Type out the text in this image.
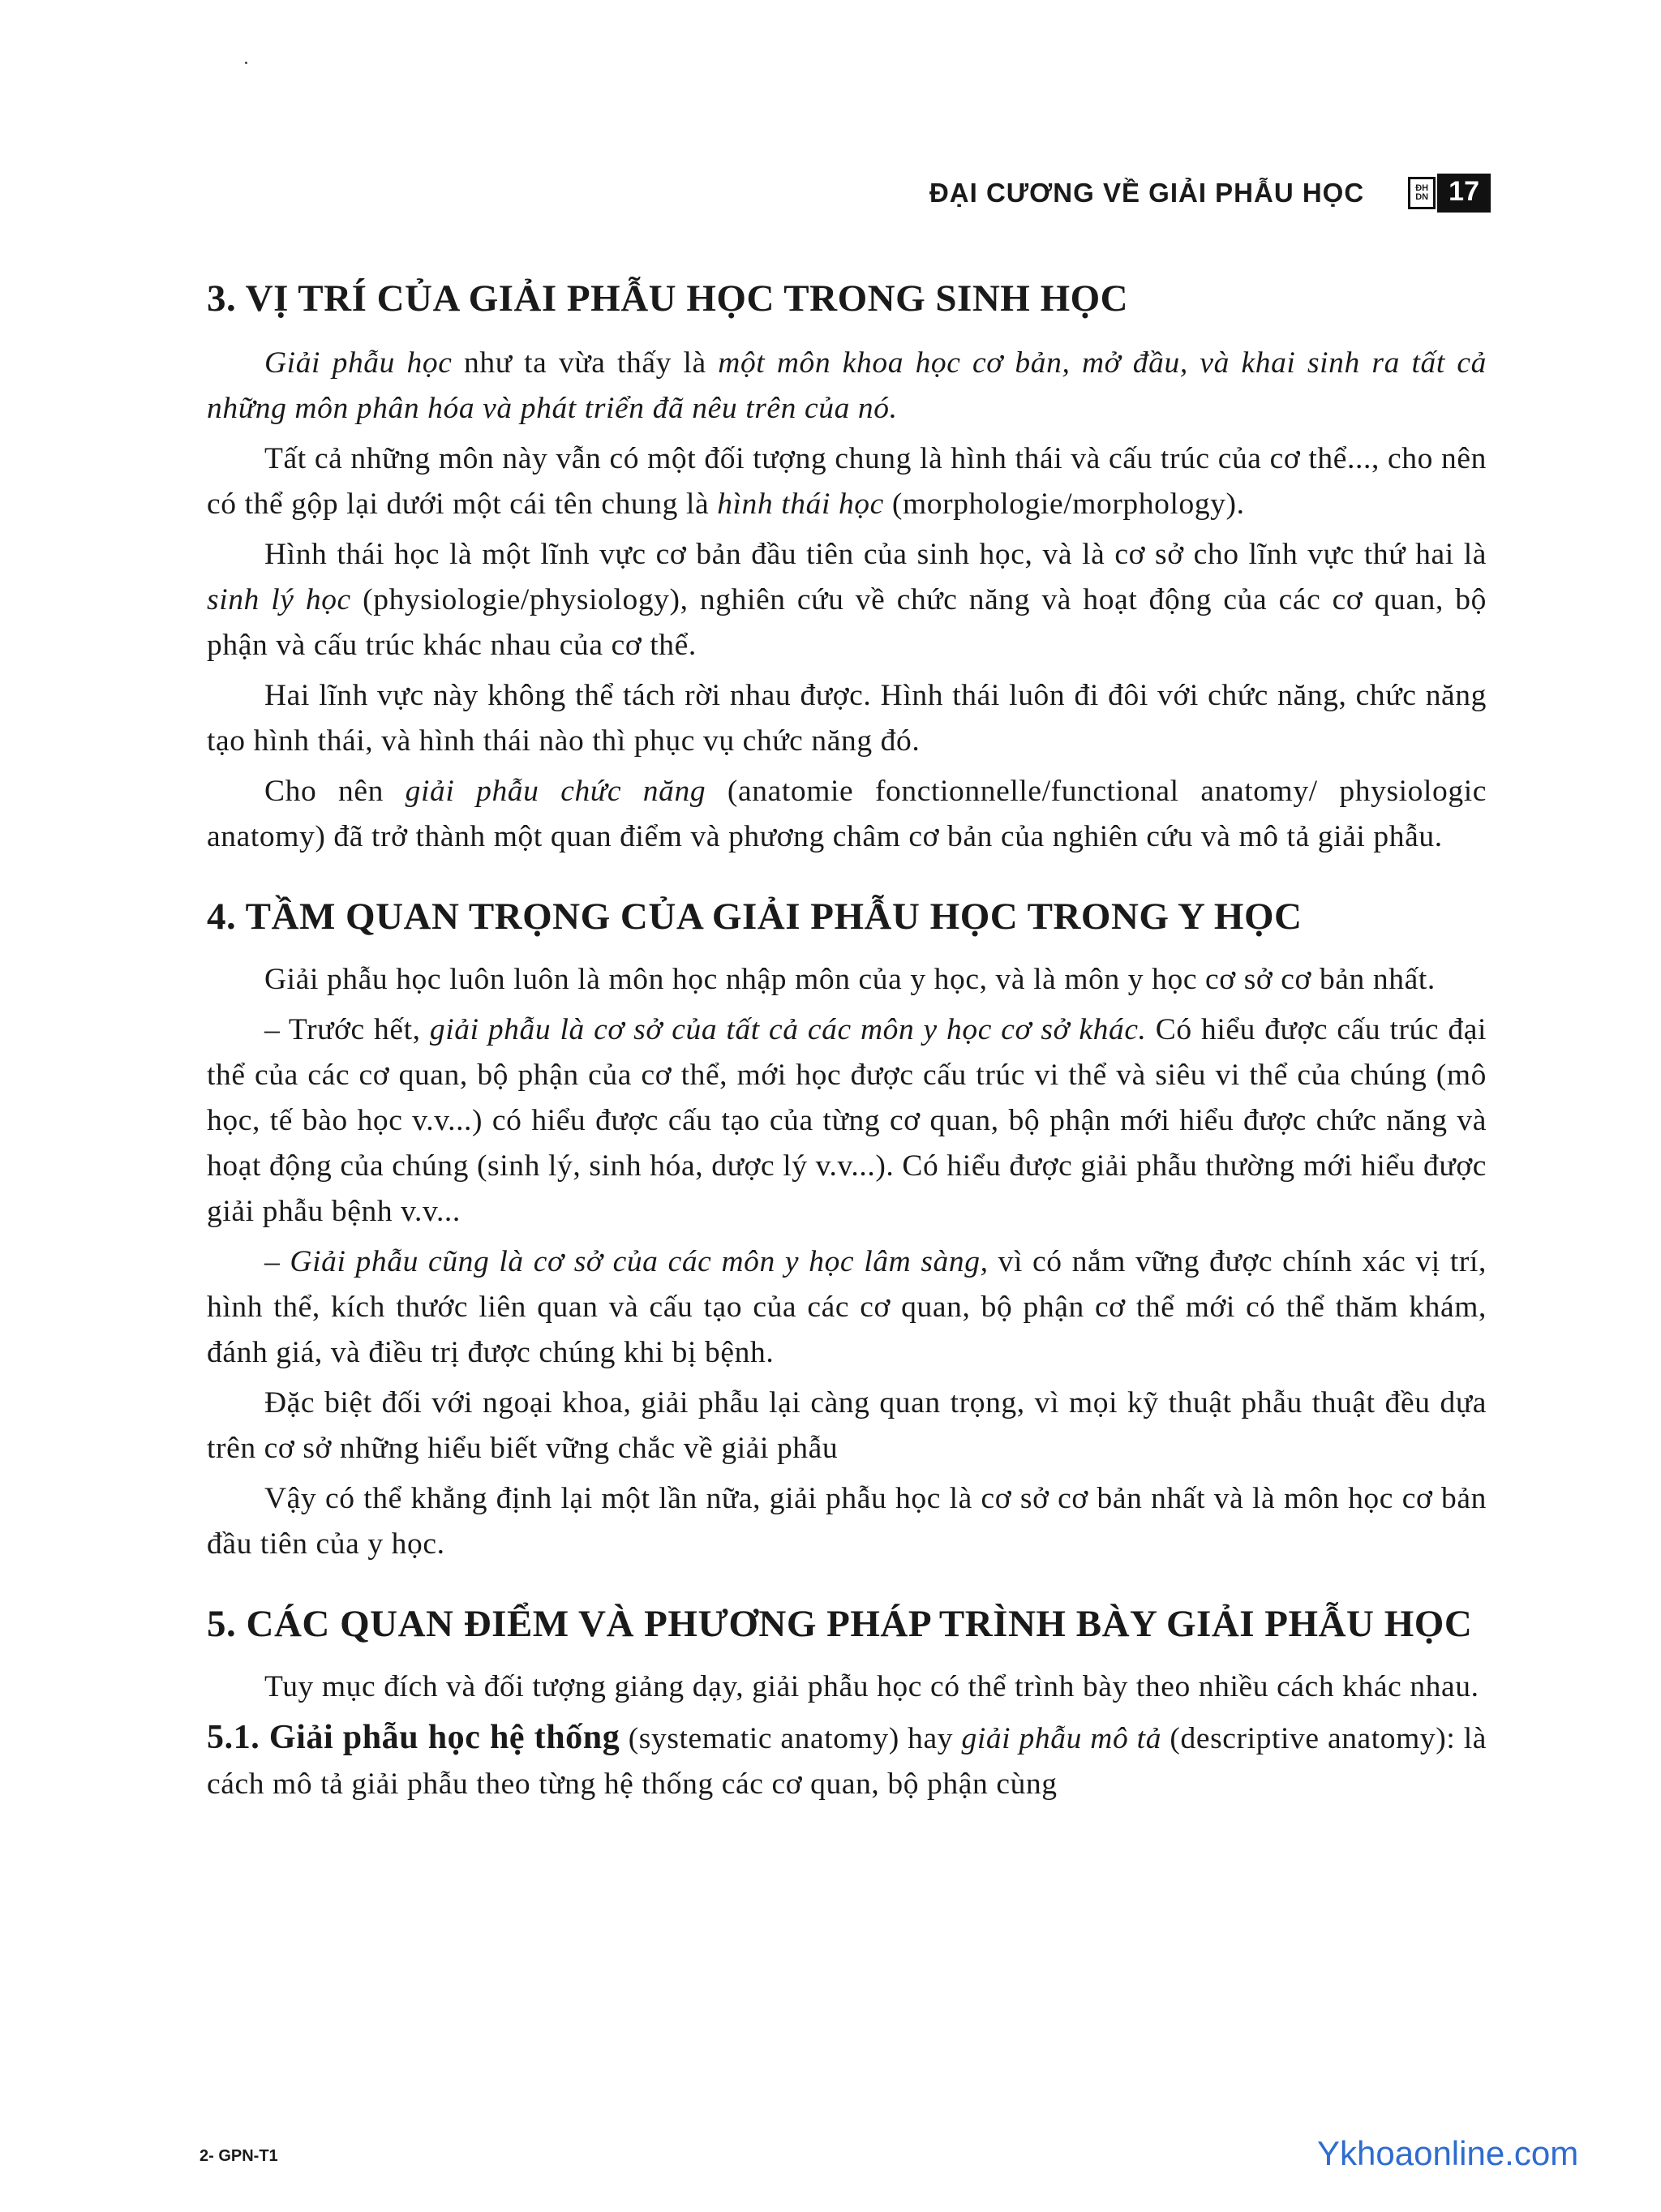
ĐẠI CƯƠNG VỀ GIẢI PHẪU HỌC	ĐH DN 17
3. VỊ TRÍ CỦA GIẢI PHẪU HỌC TRONG SINH HỌC

Giải phẫu học như ta vừa thấy là một môn khoa học cơ bản, mở đầu, và khai sinh ra tất cả những môn phân hóa và phát triển đã nêu trên của nó.

Tất cả những môn này vẫn có một đối tượng chung là hình thái và cấu trúc của cơ thể..., cho nên có thể gộp lại dưới một cái tên chung là hình thái học (morphologie/morphology).

Hình thái học là một lĩnh vực cơ bản đầu tiên của sinh học, và là cơ sở cho lĩnh vực thứ hai là sinh lý học (physiologie/physiology), nghiên cứu về chức năng và hoạt động của các cơ quan, bộ phận và cấu trúc khác nhau của cơ thể.

Hai lĩnh vực này không thể tách rời nhau được. Hình thái luôn đi đôi với chức năng, chức năng tạo hình thái, và hình thái nào thì phục vụ chức năng đó.

Cho nên giải phẫu chức năng (anatomie fonctionnelle/functional anatomy/ physiologic anatomy) đã trở thành một quan điểm và phương châm cơ bản của nghiên cứu và mô tả giải phẫu.

4. TẦM QUAN TRỌNG CỦA GIẢI PHẪU HỌC TRONG Y HỌC

Giải phẫu học luôn luôn là môn học nhập môn của y học, và là môn y học cơ sở cơ bản nhất.

– Trước hết, giải phẫu là cơ sở của tất cả các môn y học cơ sở khác. Có hiểu được cấu trúc đại thể của các cơ quan, bộ phận của cơ thể, mới học được cấu trúc vi thể và siêu vi thể của chúng (mô học, tế bào học v.v...) có hiểu được cấu tạo của từng cơ quan, bộ phận mới hiểu được chức năng và hoạt động của chúng (sinh lý, sinh hóa, dược lý v.v...). Có hiểu được giải phẫu thường mới hiểu được giải phẫu bệnh v.v...

– Giải phẫu cũng là cơ sở của các môn y học lâm sàng, vì có nắm vững được chính xác vị trí, hình thể, kích thước liên quan và cấu tạo của các cơ quan, bộ phận cơ thể mới có thể thăm khám, đánh giá, và điều trị được chúng khi bị bệnh.

Đặc biệt đối với ngoại khoa, giải phẫu lại càng quan trọng, vì mọi kỹ thuật phẫu thuật đều dựa trên cơ sở những hiểu biết vững chắc về giải phẫu

Vậy có thể khẳng định lại một lần nữa, giải phẫu học là cơ sở cơ bản nhất và là môn học cơ bản đầu tiên của y học.

5. CÁC QUAN ĐIỂM VÀ PHƯƠNG PHÁP TRÌNH BÀY GIẢI PHẪU HỌC

Tuy mục đích và đối tượng giảng dạy, giải phẫu học có thể trình bày theo nhiều cách khác nhau.

5.1. Giải phẫu học hệ thống (systematic anatomy) hay giải phẫu mô tả (descriptive anatomy): là cách mô tả giải phẫu theo từng hệ thống các cơ quan, bộ phận cùng

2- GPN-T1	Ykhoaonline.com
